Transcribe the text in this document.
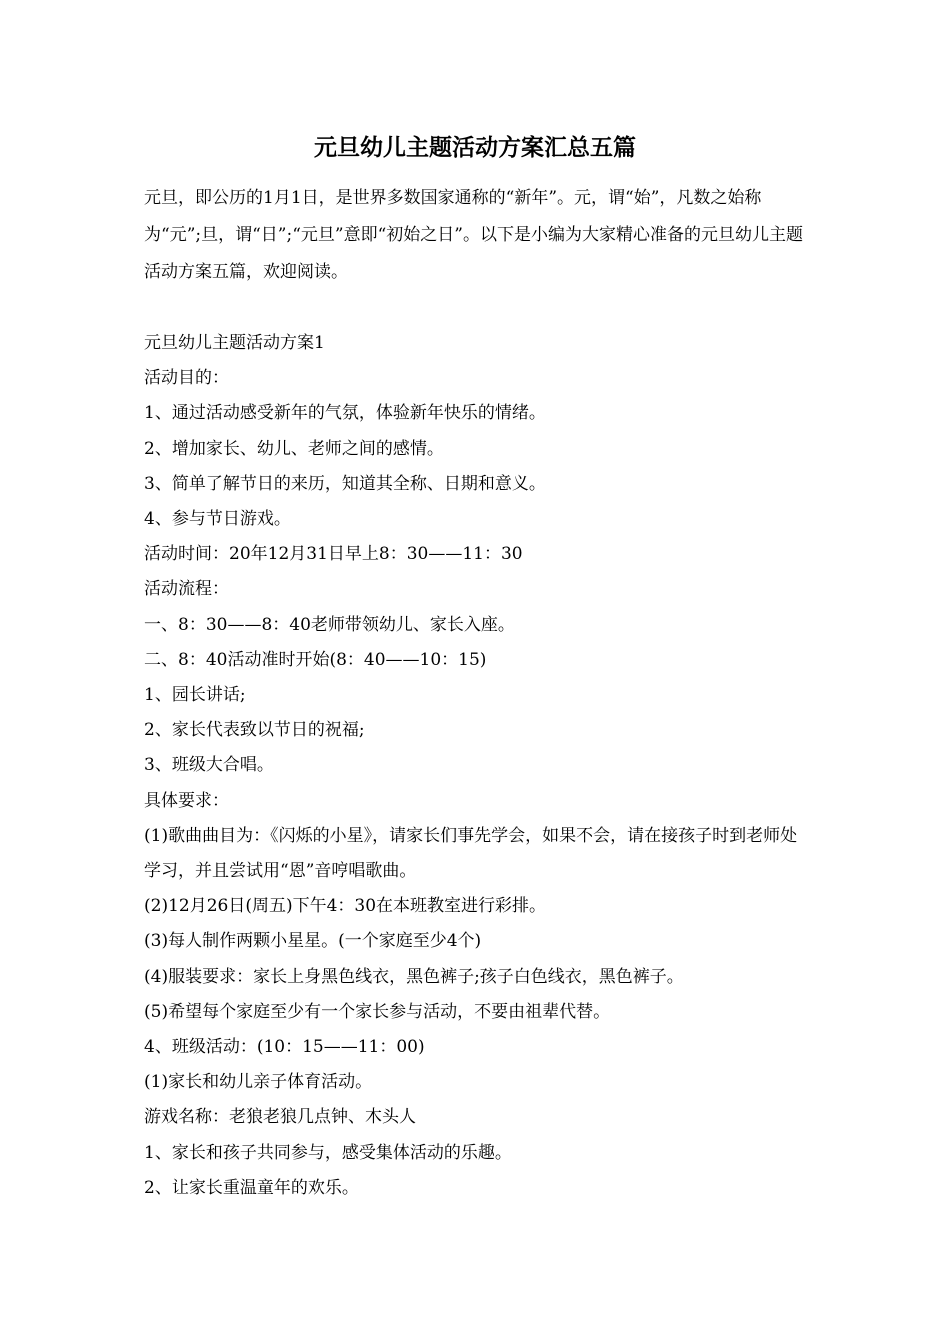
元旦幼儿主题活动方案汇总五篇

元旦，即公历的1月1日，是世界多数国家通称的“新年”。元，谓“始”，凡数之始称为“元”;旦，谓“日”;“元旦”意即“初始之日”。以下是小编为大家精心准备的元旦幼儿主题活动方案五篇，欢迎阅读。

元旦幼儿主题活动方案1
活动目的：
1、通过活动感受新年的气氛，体验新年快乐的情绪。
2、增加家长、幼儿、老师之间的感情。
3、简单了解节日的来历，知道其全称、日期和意义。
4、参与节日游戏。
活动时间：20年12月31日早上8：30——11：30
活动流程：
一、8：30——8：40老师带领幼儿、家长入座。
二、8：40活动准时开始(8：40——10：15)
1、园长讲话;
2、家长代表致以节日的祝福;
3、班级大合唱。
具体要求：
(1)歌曲曲目为：《闪烁的小星》，请家长们事先学会，如果不会，请在接孩子时到老师处学习，并且尝试用“恩”音哼唱歌曲。
(2)12月26日(周五)下午4：30在本班教室进行彩排。
(3)每人制作两颗小星星。(一个家庭至少4个)
(4)服装要求：家长上身黑色线衣，黑色裤子;孩子白色线衣，黑色裤子。
(5)希望每个家庭至少有一个家长参与活动，不要由祖辈代替。
4、班级活动：(10：15——11：00)
(1)家长和幼儿亲子体育活动。
游戏名称：老狼老狼几点钟、木头人
1、家长和孩子共同参与，感受集体活动的乐趣。
2、让家长重温童年的欢乐。
